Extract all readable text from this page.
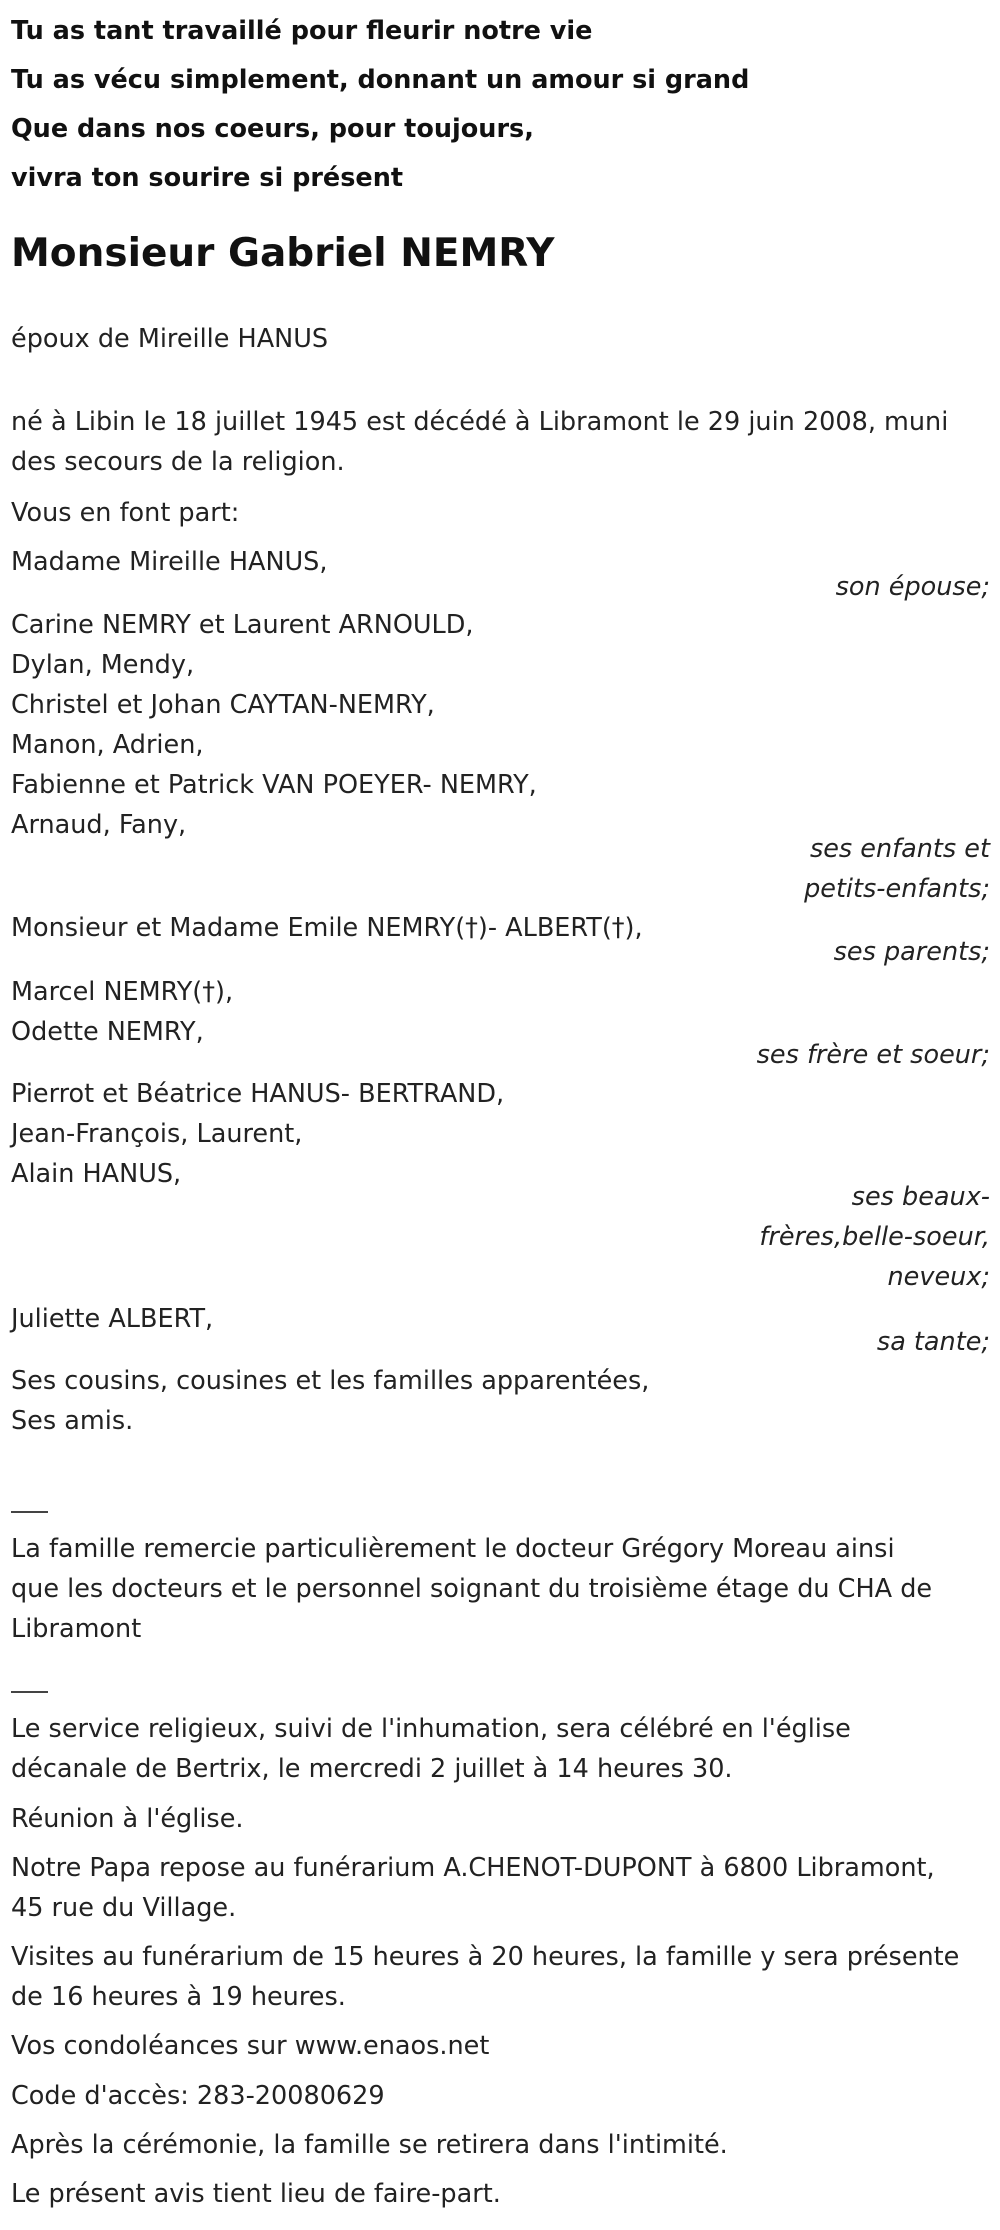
Tu as tant travaillé pour fleurir notre vie
Tu as vécu simplement, donnant un amour si grand
Que dans nos coeurs, pour toujours,
vivra ton sourire si présent
Monsieur Gabriel NEMRY
époux de Mireille HANUS
né à Libin le 18 juillet 1945 est décédé à Libramont le 29 juin 2008, muni
des secours de la religion.
Vous en font part:
Madame Mireille HANUS,
son épouse;
Carine NEMRY et Laurent ARNOULD,
Dylan, Mendy,
Christel et Johan CAYTAN-NEMRY,
Manon, Adrien,
Fabienne et Patrick VAN POEYER- NEMRY,
Arnaud, Fany,
ses enfants et
petits-enfants;
Monsieur et Madame Emile NEMRY(†)- ALBERT(†),
ses parents;
Marcel NEMRY(†),
Odette NEMRY,
ses frère et soeur;
Pierrot et Béatrice HANUS- BERTRAND,
Jean-François, Laurent,
Alain HANUS,
ses beaux-
frères,belle-soeur,
neveux;
Juliette ALBERT,
sa tante;
Ses cousins, cousines et les familles apparentées,
Ses amis.
La famille remercie particulièrement le docteur Grégory Moreau ainsi
que les docteurs et le personnel soignant du troisième étage du CHA de
Libramont
Le service religieux, suivi de l'inhumation, sera célébré en l'église
décanale de Bertrix, le mercredi 2 juillet à 14 heures 30.
Réunion à l'église.
Notre Papa repose au funérarium A.CHENOT-DUPONT à 6800 Libramont,
45 rue du Village.
Visites au funérarium de 15 heures à 20 heures, la famille y sera présente
de 16 heures à 19 heures.
Vos condoléances sur www.enaos.net
Code d'accès: 283-20080629
Après la cérémonie, la famille se retirera dans l'intimité.
Le présent avis tient lieu de faire-part.
